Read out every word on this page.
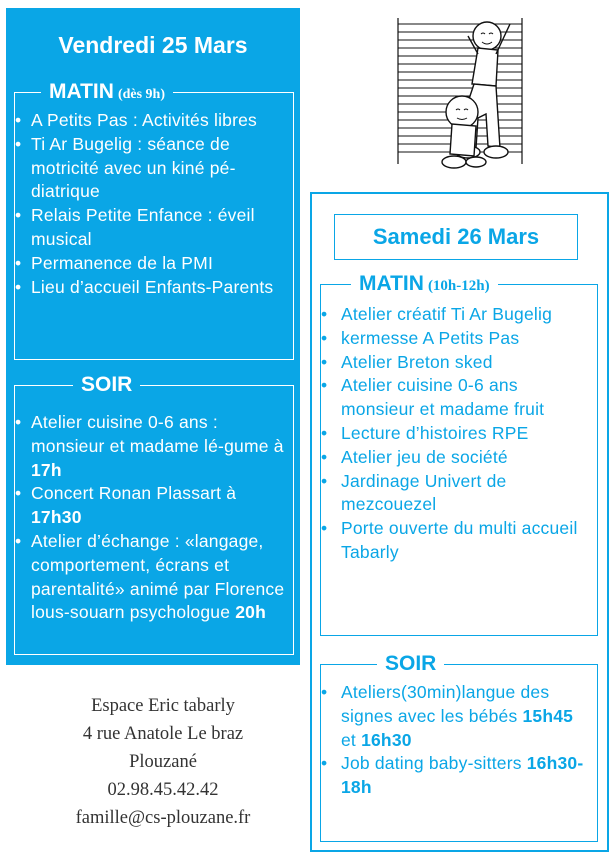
Vendredi 25 Mars
MATIN (dès 9h)
• A Petits Pas : Activités libres
• Ti Ar Bugelig : séance de motricité avec un kiné pé-diatrique
• Relais Petite Enfance : éveil musical
• Permanence de la PMI
• Lieu d’accueil Enfants-Parents
SOIR
• Atelier cuisine 0-6 ans : monsieur et madame lé-gume à 17h
• Concert Ronan Plassart à 17h30
• Atelier d’échange : «langage, comportement, écrans et parentalité» animé par Florence lous-souarn psychologue 20h
Samedi 26 Mars
MATIN (10h-12h)
• Atelier créatif Ti Ar Bugelig
• kermesse A Petits Pas
• Atelier Breton sked
• Atelier cuisine 0-6 ans monsieur et madame fruit
• Lecture d’histoires RPE
• Atelier jeu de société
• Jardinage Univert de mezcouezel
• Porte ouverte du multi accueil Tabarly
SOIR
• Ateliers(30min)langue des signes avec les bébés 15h45 et 16h30
• Job dating baby-sitters 16h30-18h
Espace Eric tabarly
4 rue Anatole Le braz
Plouzané
02.98.45.42.42
famille@cs-plouzane.fr
